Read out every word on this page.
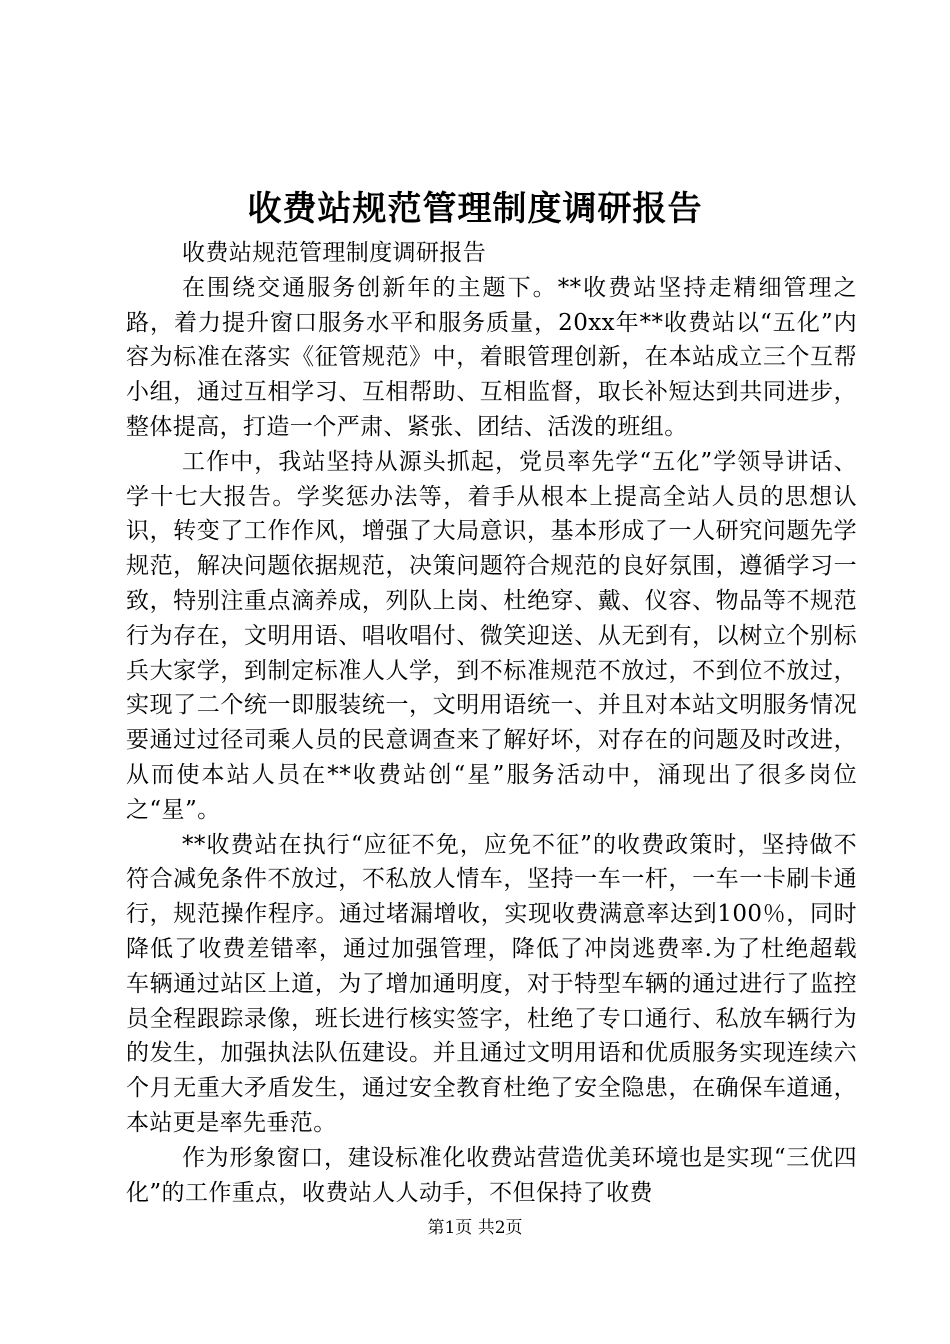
收费站规范管理制度调研报告

收费站规范管理制度调研报告

在围绕交通服务创新年的主题下。**收费站坚持走精细管理之路，着力提升窗口服务水平和服务质量，20xx年**收费站以“五化”内容为标准在落实《征管规范》中，着眼管理创新，在本站成立三个互帮小组，通过互相学习、互相帮助、互相监督，取长补短达到共同进步，整体提高，打造一个严肃、紧张、团结、活泼的班组。

工作中，我站坚持从源头抓起，党员率先学“五化”学领导讲话、学十七大报告。学奖惩办法等，着手从根本上提高全站人员的思想认识，转变了工作作风，增强了大局意识，基本形成了一人研究问题先学规范，解决问题依据规范，决策问题符合规范的良好氛围，遵循学习一致，特别注重点滴养成，列队上岗、杜绝穿、戴、仪容、物品等不规范行为存在，文明用语、唱收唱付、微笑迎送、从无到有，以树立个别标兵大家学，到制定标准人人学，到不标准规范不放过，不到位不放过，实现了二个统一即服装统一，文明用语统一、并且对本站文明服务情况要通过过径司乘人员的民意调查来了解好坏，对存在的问题及时改进，从而使本站人员在**收费站创“星”服务活动中，涌现出了很多岗位之“星”。

**收费站在执行“应征不免，应免不征”的收费政策时，坚持做不符合减免条件不放过，不私放人情车，坚持一车一杆，一车一卡刷卡通行，规范操作程序。通过堵漏增收，实现收费满意率达到100％，同时降低了收费差错率，通过加强管理，降低了冲岗逃费率.为了杜绝超载车辆通过站区上道，为了增加通明度，对于特型车辆的通过进行了监控员全程跟踪录像，班长进行核实签字，杜绝了专口通行、私放车辆行为的发生，加强执法队伍建设。并且通过文明用语和优质服务实现连续六个月无重大矛盾发生，通过安全教育杜绝了安全隐患，在确保车道通，本站更是率先垂范。

作为形象窗口，建设标准化收费站营造优美环境也是实现“三优四化”的工作重点，收费站人人动手，不但保持了收费

第1页 共2页
